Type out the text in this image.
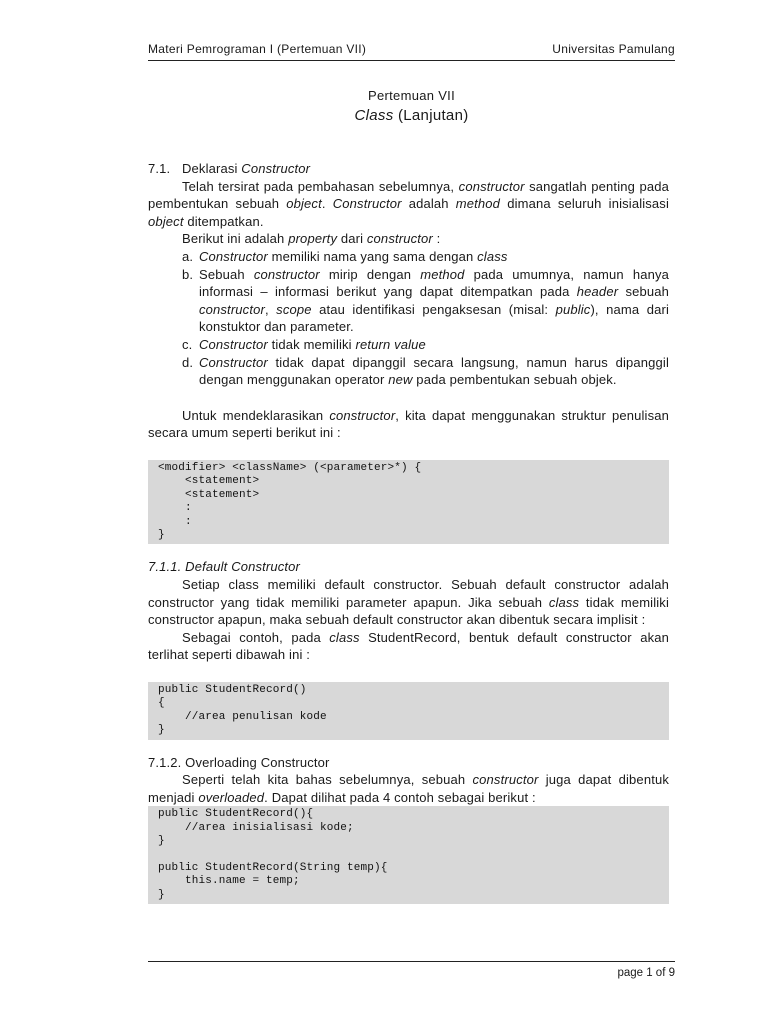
Materi Pemrograman I (Pertemuan VII)	Universitas Pamulang
Pertemuan VII
Class (Lanjutan)

7.1. Deklarasi Constructor

Telah tersirat pada pembahasan sebelumnya, constructor sangatlah penting pada pembentukan sebuah object. Constructor adalah method dimana seluruh inisialisasi object ditempatkan.

Berikut ini adalah property dari constructor :

a. Constructor memiliki nama yang sama dengan class
b. Sebuah constructor mirip dengan method pada umumnya, namun hanya informasi – informasi berikut yang dapat ditempatkan pada header sebuah constructor, scope atau identifikasi pengaksesan (misal: public), nama dari konstuktor dan parameter.
c. Constructor tidak memiliki return value
d. Constructor tidak dapat dipanggil secara langsung, namun harus dipanggil dengan menggunakan operator new pada pembentukan sebuah objek.

Untuk mendeklarasikan constructor, kita dapat menggunakan struktur penulisan secara umum seperti berikut ini :

<modifier> <className> (<parameter>*) {
<statement>
<statement>
:
:
}

7.1.1. Default Constructor

Setiap class memiliki default constructor. Sebuah default constructor adalah constructor yang tidak memiliki parameter apapun. Jika sebuah class tidak memiliki constructor apapun, maka sebuah default constructor akan dibentuk secara implisit :

Sebagai contoh, pada class StudentRecord, bentuk default constructor akan terlihat seperti dibawah ini :

public StudentRecord()
{
//area penulisan kode
}

7.1.2. Overloading Constructor

Seperti telah kita bahas sebelumnya, sebuah constructor juga dapat dibentuk menjadi overloaded. Dapat dilihat pada 4 contoh sebagai berikut :

public StudentRecord(){
//area inisialisasi kode;
}

public StudentRecord(String temp){
this.name = temp;
}
page 1 of 9
